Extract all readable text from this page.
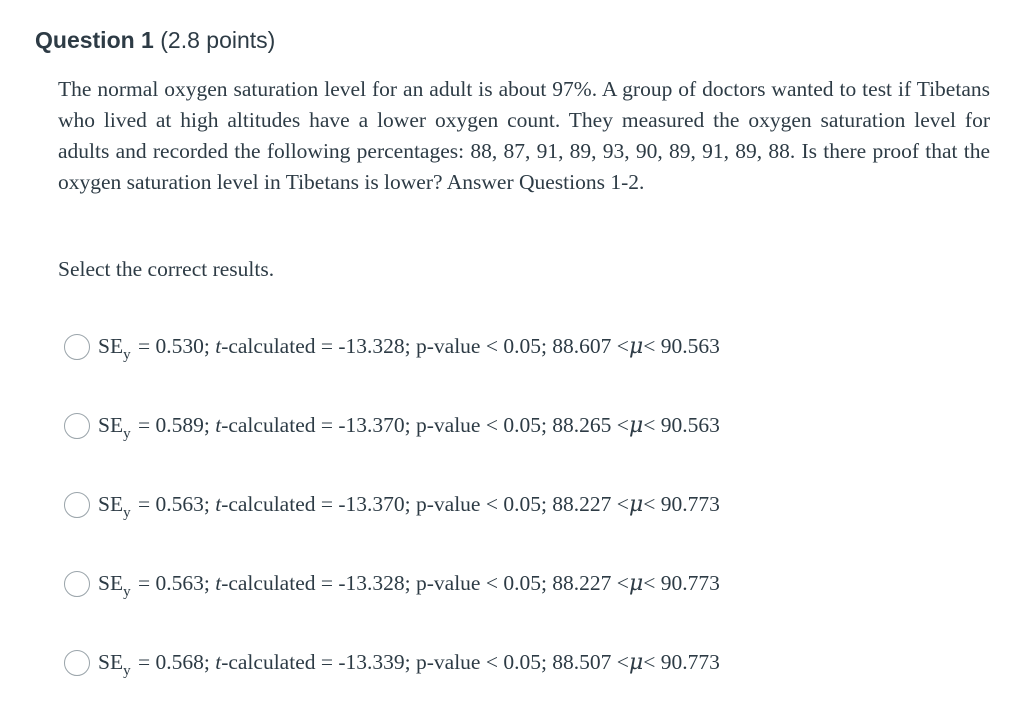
Question 1 (2.8 points)

The normal oxygen saturation level for an adult is about 97%. A group of doctors wanted to test if Tibetans who lived at high altitudes have a lower oxygen count. They measured the oxygen saturation level for adults and recorded the following percentages: 88, 87, 91, 89, 93, 90, 89, 91, 89, 88. Is there proof that the oxygen saturation level in Tibetans is lower? Answer Questions 1-2.

Select the correct results.

$SE_y = 0.530$; t-calculated = -13.328; p-value < 0.05; 88.607 <μ< 90.563
$SE_y = 0.589$; t-calculated = -13.370; p-value < 0.05; 88.265 <μ< 90.563
$SE_y = 0.563$; t-calculated = -13.370; p-value < 0.05; 88.227 <μ< 90.773
$SE_y = 0.563$; t-calculated = -13.328; p-value < 0.05; 88.227 <μ< 90.773
$SE_y = 0.568$; t-calculated = -13.339; p-value < 0.05; 88.507 <μ< 90.773
